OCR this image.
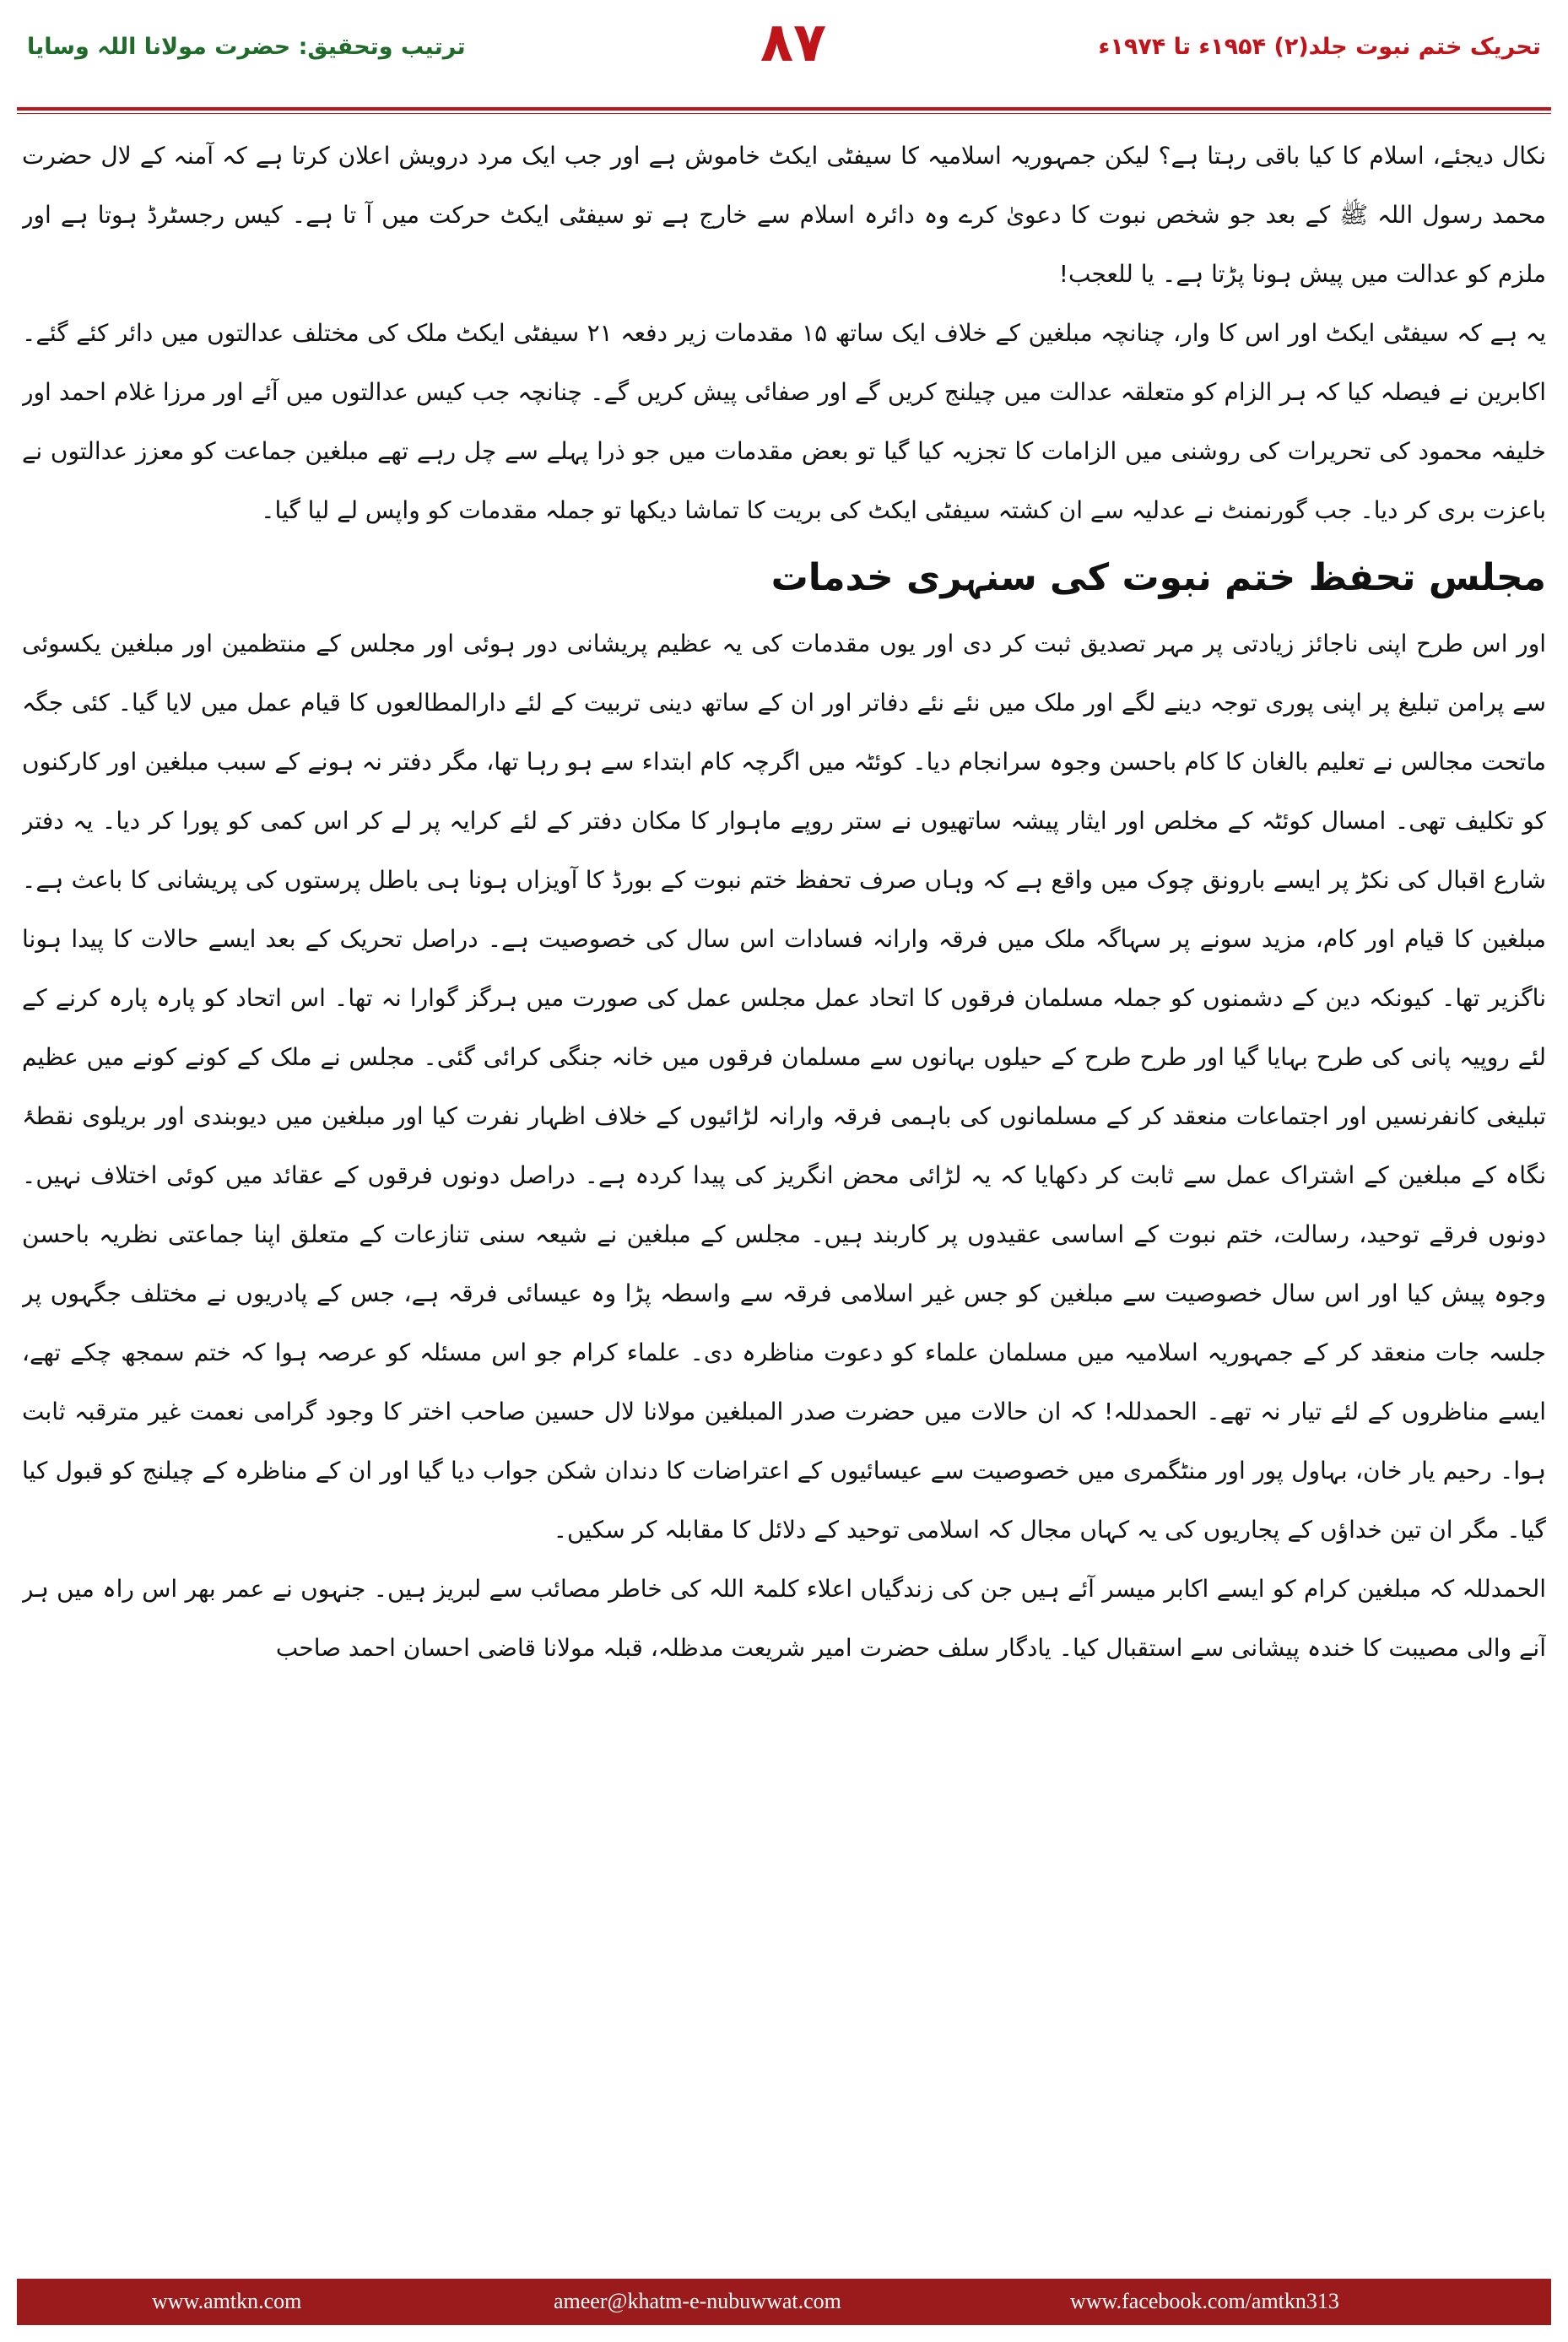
ترتیب وتحقیق: حضرت مولانا اللہ وسایا	۸۷	تحریک ختم نبوت جلد(۲) ۱۹۵۴ء تا ۱۹۷۴ء

نکال دیجئے، اسلام کا کیا باقی رہتا ہے؟ لیکن جمہوریہ اسلامیہ کا سیفٹی ایکٹ خاموش ہے اور جب ایک مرد درویش اعلان کرتا ہے کہ آمنہ کے لال حضرت محمد رسول اللہ ﷺ کے بعد جو شخص نبوت کا دعویٰ کرے وہ دائرہ اسلام سے خارج ہے تو سیفٹی ایکٹ حرکت میں آ تا ہے۔ کیس رجسٹرڈ ہوتا ہے اور ملزم کو عدالت میں پیش ہونا پڑتا ہے۔ یا للعجب!

یہ ہے کہ سیفٹی ایکٹ اور اس کا وار، چنانچہ مبلغین کے خلاف ایک ساتھ ۱۵ مقدمات زیر دفعہ ۲۱ سیفٹی ایکٹ ملک کی مختلف عدالتوں میں دائر کئے گئے۔ اکابرین نے فیصلہ کیا کہ ہر الزام کو متعلقہ عدالت میں چیلنج کریں گے اور صفائی پیش کریں گے۔ چنانچہ جب کیس عدالتوں میں آئے اور مرزا غلام احمد اور خلیفہ محمود کی تحریرات کی روشنی میں الزامات کا تجزیہ کیا گیا تو بعض مقدمات میں جو ذرا پہلے سے چل رہے تھے مبلغین جماعت کو معزز عدالتوں نے باعزت بری کر دیا۔ جب گورنمنٹ نے عدلیہ سے ان کشتہ سیفٹی ایکٹ کی بریت کا تماشا دیکھا تو جملہ مقدمات کو واپس لے لیا گیا۔

مجلس تحفظ ختم نبوت کی سنہری خدمات

اور اس طرح اپنی ناجائز زیادتی پر مہر تصدیق ثبت کر دی اور یوں مقدمات کی یہ عظیم پریشانی دور ہوئی اور مجلس کے منتظمین اور مبلغین یکسوئی سے پرامن تبلیغ پر اپنی پوری توجہ دینے لگے اور ملک میں نئے نئے دفاتر اور ان کے ساتھ دینی تربیت کے لئے دارالمطالعوں کا قیام عمل میں لایا گیا۔ کئی جگہ ماتحت مجالس نے تعلیم بالغان کا کام باحسن وجوہ سرانجام دیا۔ کوئٹہ میں اگرچہ کام ابتداء سے ہو رہا تھا، مگر دفتر نہ ہونے کے سبب مبلغین اور کارکنوں کو تکلیف تھی۔ امسال کوئٹہ کے مخلص اور ایثار پیشہ ساتھیوں نے ستر روپے ماہوار کا مکان دفتر کے لئے کرایہ پر لے کر اس کمی کو پورا کر دیا۔ یہ دفتر شارع اقبال کی نکڑ پر ایسے بارونق چوک میں واقع ہے کہ وہاں صرف تحفظ ختم نبوت کے بورڈ کا آویزاں ہونا ہی باطل پرستوں کی پریشانی کا باعث ہے۔ مبلغین کا قیام اور کام، مزید سونے پر سہاگہ ملک میں فرقہ وارانہ فسادات اس سال کی خصوصیت ہے۔ دراصل تحریک کے بعد ایسے حالات کا پیدا ہونا ناگزیر تھا۔ کیونکہ دین کے دشمنوں کو جملہ مسلمان فرقوں کا اتحاد عمل مجلس عمل کی صورت میں ہرگز گوارا نہ تھا۔ اس اتحاد کو پارہ پارہ کرنے کے لئے روپیہ پانی کی طرح بہایا گیا اور طرح طرح کے حیلوں بہانوں سے مسلمان فرقوں میں خانہ جنگی کرائی گئی۔ مجلس نے ملک کے کونے کونے میں عظیم تبلیغی کانفرنسیں اور اجتماعات منعقد کر کے مسلمانوں کی باہمی فرقہ وارانہ لڑائیوں کے خلاف اظہار نفرت کیا اور مبلغین میں دیوبندی اور بریلوی نقطۂ نگاہ کے مبلغین کے اشتراک عمل سے ثابت کر دکھایا کہ یہ لڑائی محض انگریز کی پیدا کردہ ہے۔ دراصل دونوں فرقوں کے عقائد میں کوئی اختلاف نہیں۔ دونوں فرقے توحید، رسالت، ختم نبوت کے اساسی عقیدوں پر کاربند ہیں۔ مجلس کے مبلغین نے شیعہ سنی تنازعات کے متعلق اپنا جماعتی نظریہ باحسن وجوہ پیش کیا اور اس سال خصوصیت سے مبلغین کو جس غیر اسلامی فرقہ سے واسطہ پڑا وہ عیسائی فرقہ ہے، جس کے پادریوں نے مختلف جگہوں پر جلسہ جات منعقد کر کے جمہوریہ اسلامیہ میں مسلمان علماء کو دعوت مناظرہ دی۔ علماء کرام جو اس مسئلہ کو عرصہ ہوا کہ ختم سمجھ چکے تھے، ایسے مناظروں کے لئے تیار نہ تھے۔ الحمدللہ! کہ ان حالات میں حضرت صدر المبلغین مولانا لال حسین صاحب اختر کا وجود گرامی نعمت غیر مترقبہ ثابت ہوا۔ رحیم یار خان، بہاول پور اور منٹگمری میں خصوصیت سے عیسائیوں کے اعتراضات کا دندان شکن جواب دیا گیا اور ان کے مناظرہ کے چیلنج کو قبول کیا گیا۔ مگر ان تین خداؤں کے پجاریوں کی یہ کہاں مجال کہ اسلامی توحید کے دلائل کا مقابلہ کر سکیں۔

الحمدللہ کہ مبلغین کرام کو ایسے اکابر میسر آئے ہیں جن کی زندگیاں اعلاء کلمۃ اللہ کی خاطر مصائب سے لبریز ہیں۔ جنہوں نے عمر بھر اس راہ میں ہر آنے والی مصیبت کا خندہ پیشانی سے استقبال کیا۔ یادگار سلف حضرت امیر شریعت مدظلہ، قبلہ مولانا قاضی احسان احمد صاحب

www.amtkn.com	ameer@khatm-e-nubuwwat.com	www.facebook.com/amtkn313
